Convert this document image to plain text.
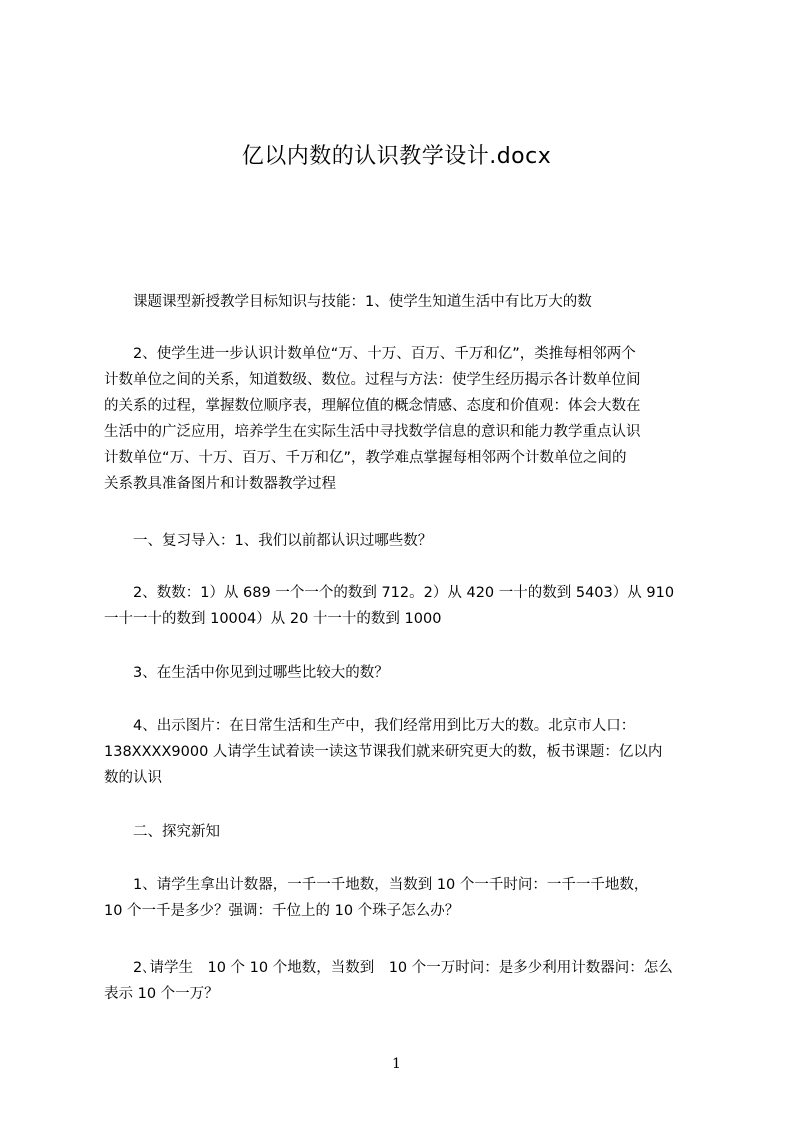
亿以内数的认识教学设计.docx
　　课题课型新授教学目标知识与技能：1、使学生知道生活中有比万大的数
　　2、使学生进一步认识计数单位“万、十万、百万、千万和亿”，类推每相邻两个
计数单位之间的关系，知道数级、数位。过程与方法：使学生经历揭示各计数单位间
的关系的过程，掌握数位顺序表，理解位值的概念情感、态度和价值观：体会大数在
生活中的广泛应用，培养学生在实际生活中寻找数学信息的意识和能力教学重点认识
计数单位“万、十万、百万、千万和亿”，教学难点掌握每相邻两个计数单位之间的
关系教具准备图片和计数器教学过程
　　一、复习导入：1、我们以前都认识过哪些数？
　　2、数数：1）从 689 一个一个的数到 712。2）从 420 一十的数到 5403）从 910
一十一十的数到 10004）从 20 十一十的数到 1000
　　3、在生活中你见到过哪些比较大的数？
　　4、出示图片：在日常生活和生产中，我们经常用到比万大的数。北京市人口：
138XXXX9000 人请学生试着读一读这节课我们就来研究更大的数，板书课题：亿以内
数的认识
　　二、探究新知
　　1、请学生拿出计数器，一千一千地数，当数到 10 个一千时问：一千一千地数，
10 个一千是多少？强调：千位上的 10 个珠子怎么办？
　　2､请学生　10 个 10 个地数，当数到　10 个一万时问：是多少利用计数器问：怎么
表示 10 个一万？
1
